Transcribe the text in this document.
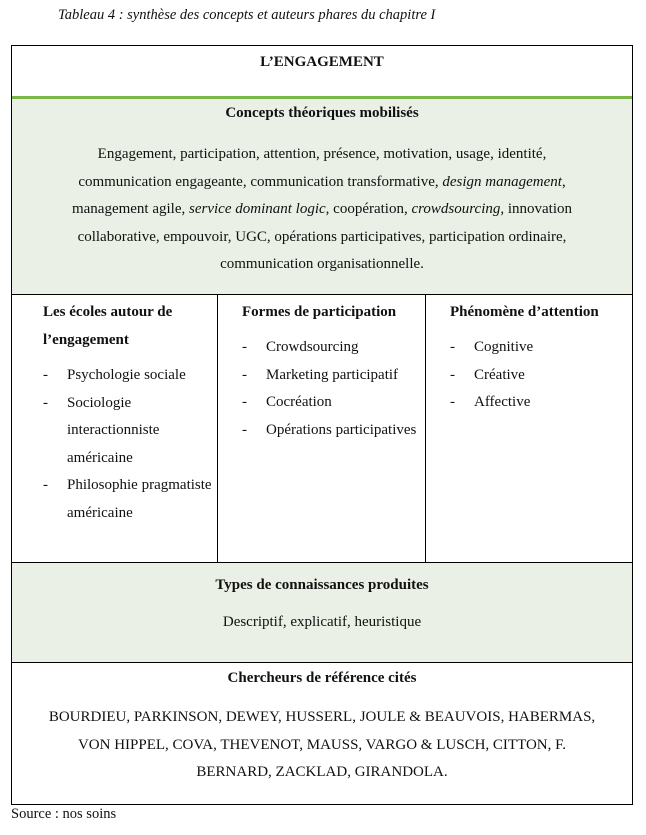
Tableau 4 : synthèse des concepts et auteurs phares du chapitre I
L’ENGAGEMENT
Concepts théoriques mobilisés
Engagement, participation, attention, présence, motivation, usage, identité, communication engageante, communication transformative, design management, management agile, service dominant logic, coopération, crowdsourcing, innovation collaborative, empouvoir, UGC, opérations participatives, participation ordinaire, communication organisationnelle.
Les écoles autour de l’engagement
- Psychologie sociale
- Sociologie interactionniste américaine
- Philosophie pragmatiste américaine
Formes de participation
- Crowdsourcing
- Marketing participatif
- Cocréation
- Opérations participatives
Phénomène d’attention
- Cognitive
- Créative
- Affective
Types de connaissances produites
Descriptif, explicatif, heuristique
Chercheurs de référence cités
BOURDIEU, PARKINSON, DEWEY, HUSSERL, JOULE & BEAUVOIS, HABERMAS, VON HIPPEL, COVA, THEVENOT, MAUSS, VARGO & LUSCH, CITTON, F. BERNARD, ZACKLAD, GIRANDOLA.
Source : nos soins
